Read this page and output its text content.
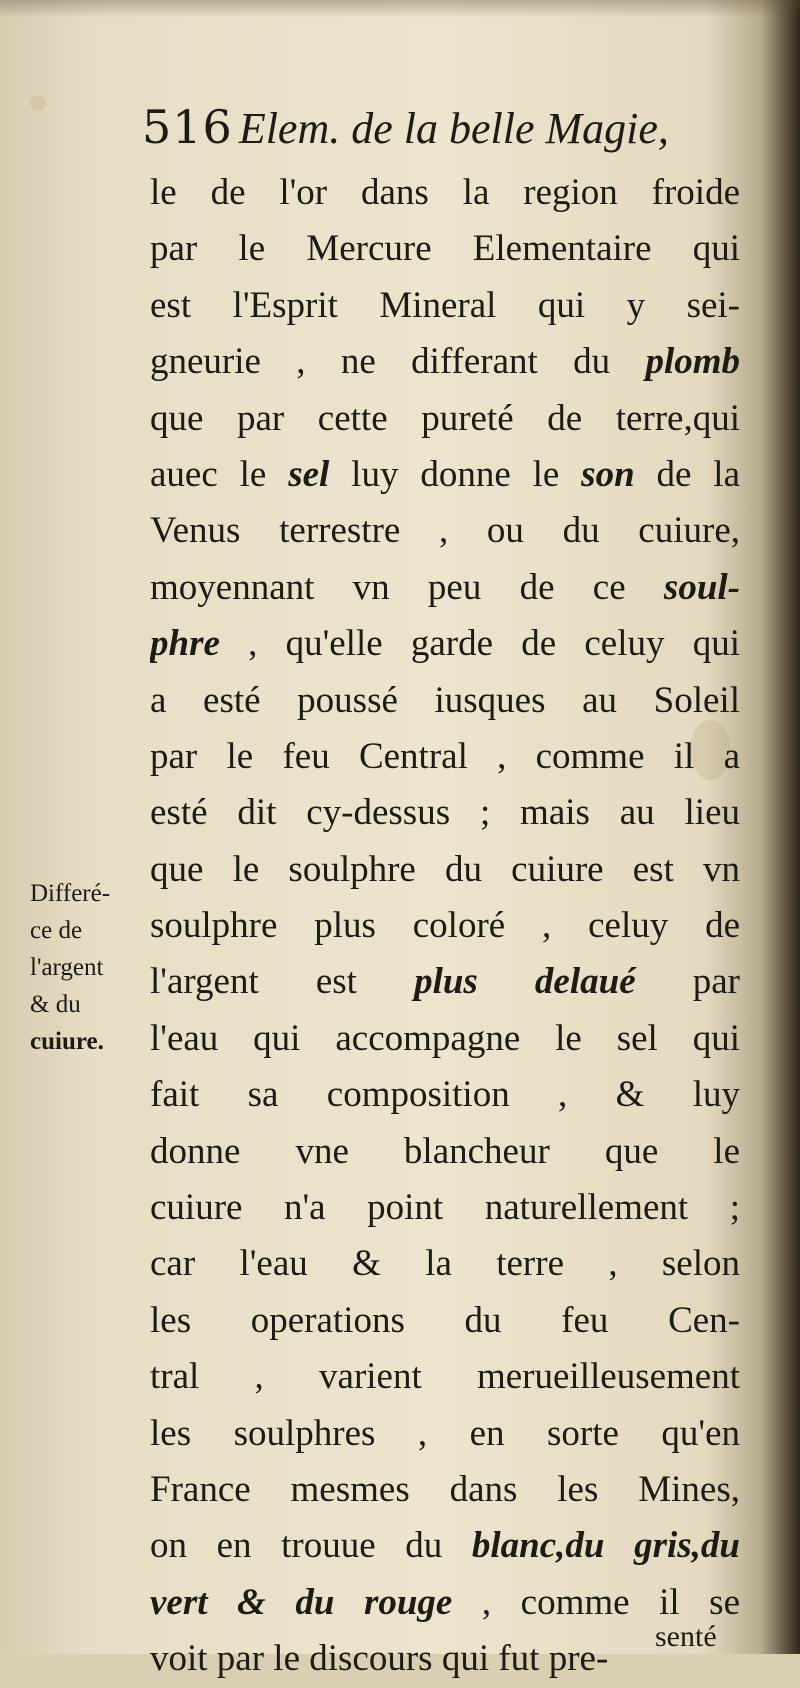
516 Elem. de la belle Magie,

Differé-
ce de
l'argent
& du
cuiure.
le de l'or dans la region froide
par le Mercure Elementaire qui
est l'Esprit Mineral qui y sei-
gneurie , ne differant du plomb
que par cette pureté de terre,qui
auec le sel luy donne le son de la
Venus terrestre , ou du cuiure,
moyennant vn peu de ce soul-
phre , qu'elle garde de celuy qui
a esté poussé iusques au Soleil
par le feu Central , comme il a
esté dit cy-dessus ; mais au lieu
que le soulphre du cuiure est vn
soulphre plus coloré , celuy de
l'argent est plus delaué par
l'eau qui accompagne le sel qui
fait sa composition , & luy
donne vne blancheur que le
cuiure n'a point naturellement ;
car l'eau & la terre , selon
les operations du feu Cen-
tral , varient merueilleusement
les soulphres , en sorte qu'en
France mesmes dans les Mines,
on en trouue du blanc,du gris,du
vert & du rouge , comme il se
voit par le discours qui fut pre-
senté
